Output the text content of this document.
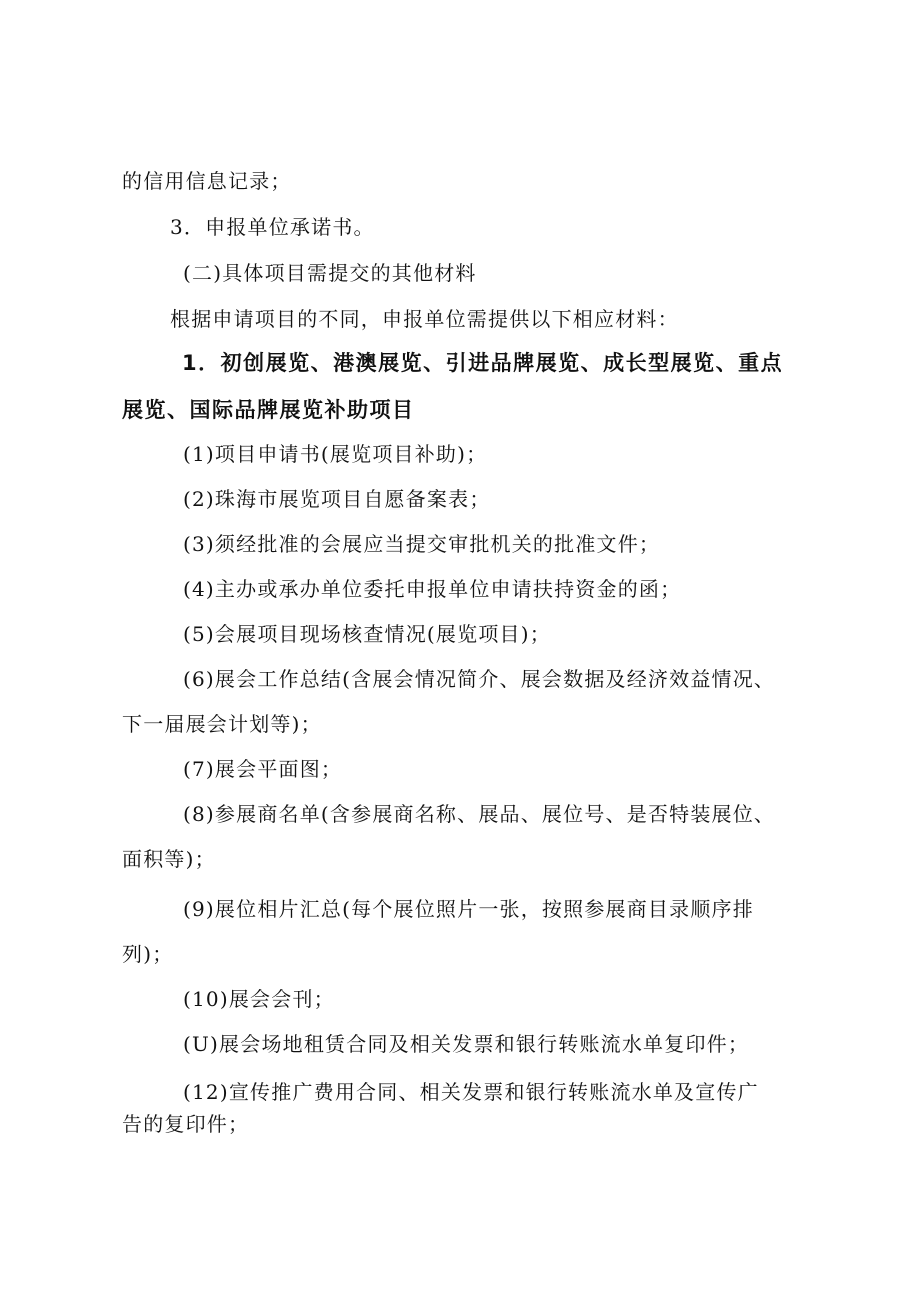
的信用信息记录；
3．申报单位承诺书。
(二)具体项目需提交的其他材料
根据申请项目的不同，申报单位需提供以下相应材料：
1．初创展览、港澳展览、引进品牌展览、成长型展览、重点
展览、国际品牌展览补助项目
(1)项目申请书(展览项目补助)；
(2)珠海市展览项目自愿备案表；
(3)须经批准的会展应当提交审批机关的批准文件；
(4)主办或承办单位委托申报单位申请扶持资金的函；
(5)会展项目现场核查情况(展览项目)；
(6)展会工作总结(含展会情况简介、展会数据及经济效益情况、
下一届展会计划等)；
(7)展会平面图；
(8)参展商名单(含参展商名称、展品、展位号、是否特装展位、
面积等)；
(9)展位相片汇总(每个展位照片一张，按照参展商目录顺序排
列)；
(10)展会会刊；
(U)展会场地租赁合同及相关发票和银行转账流水单复印件；
(12)宣传推广费用合同、相关发票和银行转账流水单及宣传广
告的复印件；
